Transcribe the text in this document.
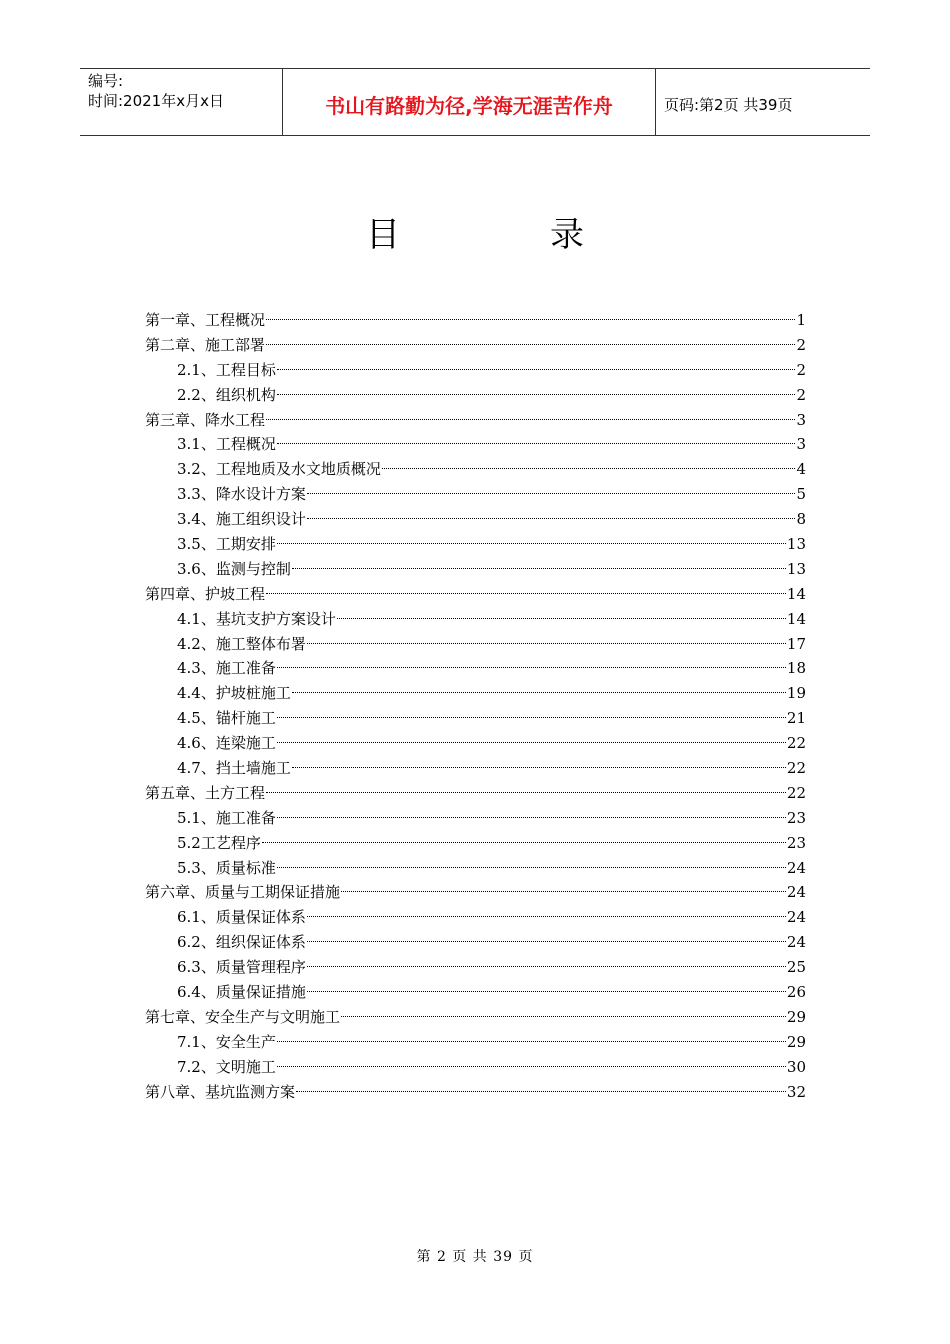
编号:
时间:2021年x月x日	书山有路勤为径,学海无涯苦作舟	页码:第2页 共39页
目	录
第一章、工程概况	1
第二章、施工部署	2
2.1、工程目标	2
2.2、组织机构	2
第三章、降水工程	3
3.1、工程概况	3
3.2、工程地质及水文地质概况	4
3.3、降水设计方案	5
3.4、施工组织设计	8
3.5、工期安排	13
3.6、监测与控制	13
第四章、护坡工程	14
4.1、基坑支护方案设计	14
4.2、施工整体布署	17
4.3、施工准备	18
4.4、护坡桩施工	19
4.5、锚杆施工	21
4.6、连梁施工	22
4.7、挡土墙施工	22
第五章、土方工程	22
5.1、施工准备	23
5.2工艺程序	23
5.3、质量标准	24
第六章、质量与工期保证措施	24
6.1、质量保证体系	24
6.2、组织保证体系	24
6.3、质量管理程序	25
6.4、质量保证措施	26
第七章、安全生产与文明施工	29
7.1、安全生产	29
7.2、文明施工	30
第八章、基坑监测方案	32
第 2 页 共 39 页
